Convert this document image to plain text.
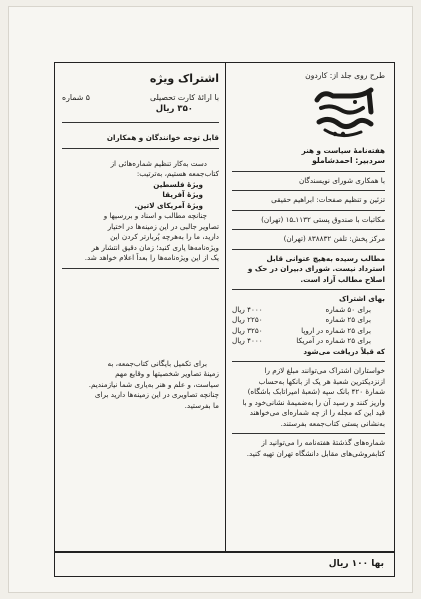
طرح روی جلد از: کاردون
هفته‌نامهٔ سیاست و هنر
سردبیر: احمدشاملو
با همکاری شورای نویسندگان
تزئین و تنظیم صفحات: ابراهیم حقیقی
مکاتبات با صندوق پستی ۱۱۳۲ـ۱۵ (تهران)
مرکز پخش: تلفن ۸۳۸۸۳۲ (تهران)
مطالب رسیده به‌هیچ عنوانی قابل
استرداد نیست. شورای دبیران در حک و
اصلاح مطالب آزاد است.
بهای اشتراک
برای ۵۰ شماره
۴۰۰۰ ریال
برای ۲۵ شماره
۲۲۵۰ ریال
برای ۲۵ شماره در اروپا
۳۲۵۰ ریال
برای ۲۵ شماره در آمریکا
۴۰۰۰ ریال
که قبلاً دریافت می‌شود
خواستاران اشتراک می‌توانند مبلغ لازم را
ازنزدیکترین شعبهٔ هر یک از بانکها به‌حساب
شمارهٔ ۴۲۰ بانک سپه (شعبهٔ امیراتابک باشگاه)
واریز کنند و رسید آن را به‌ضمیمهٔ نشانی‌خود و با
قید این که مجله را از چه شماره‌ای می‌خواهند
به‌نشانی پستی کتاب‌جمعه بفرستند.
شماره‌های گذشتهٔ هفته‌نامه را می‌توانید از
کتابفروشی‌های مقابل دانشگاه تهران تهیه کنید.
اشتراک ویژه
با ارائهٔ کارت تحصیلی
۵ شماره
۳۵۰ ریال
قابل توجه خوانندگان و همکاران
دست به‌کار تنظیم شماره‌هائی از
کتاب‌جمعه هستیم، به‌ترتیب:
ویژهٔ فلسطین
ویژهٔ آفریقا
ویژهٔ آمریکای لاتین.
چنانچه مطالب و اسناد و بررسیها و
تصاویر جالبی در این زمینه‌ها در اختیار
دارید، ما را به‌هرچه پُربارتر کردن این
ویژه‌نامه‌ها یاری کنید؛ زمان دقیق انتشار هر
یک از این ویژه‌نامه‌ها را بعداً اعلام خواهد شد.
برای تکمیل بایگانی کتاب‌جمعه، به
زمینهٔ تصاویر شخصیتها و وقایع مهم
سیاست، و علم و هنر به‌یاری شما نیازمندیم.
چنانچه تصاویری در این زمینه‌ها دارید برای
ما بفرستید.
بها ۱۰۰ ریال
